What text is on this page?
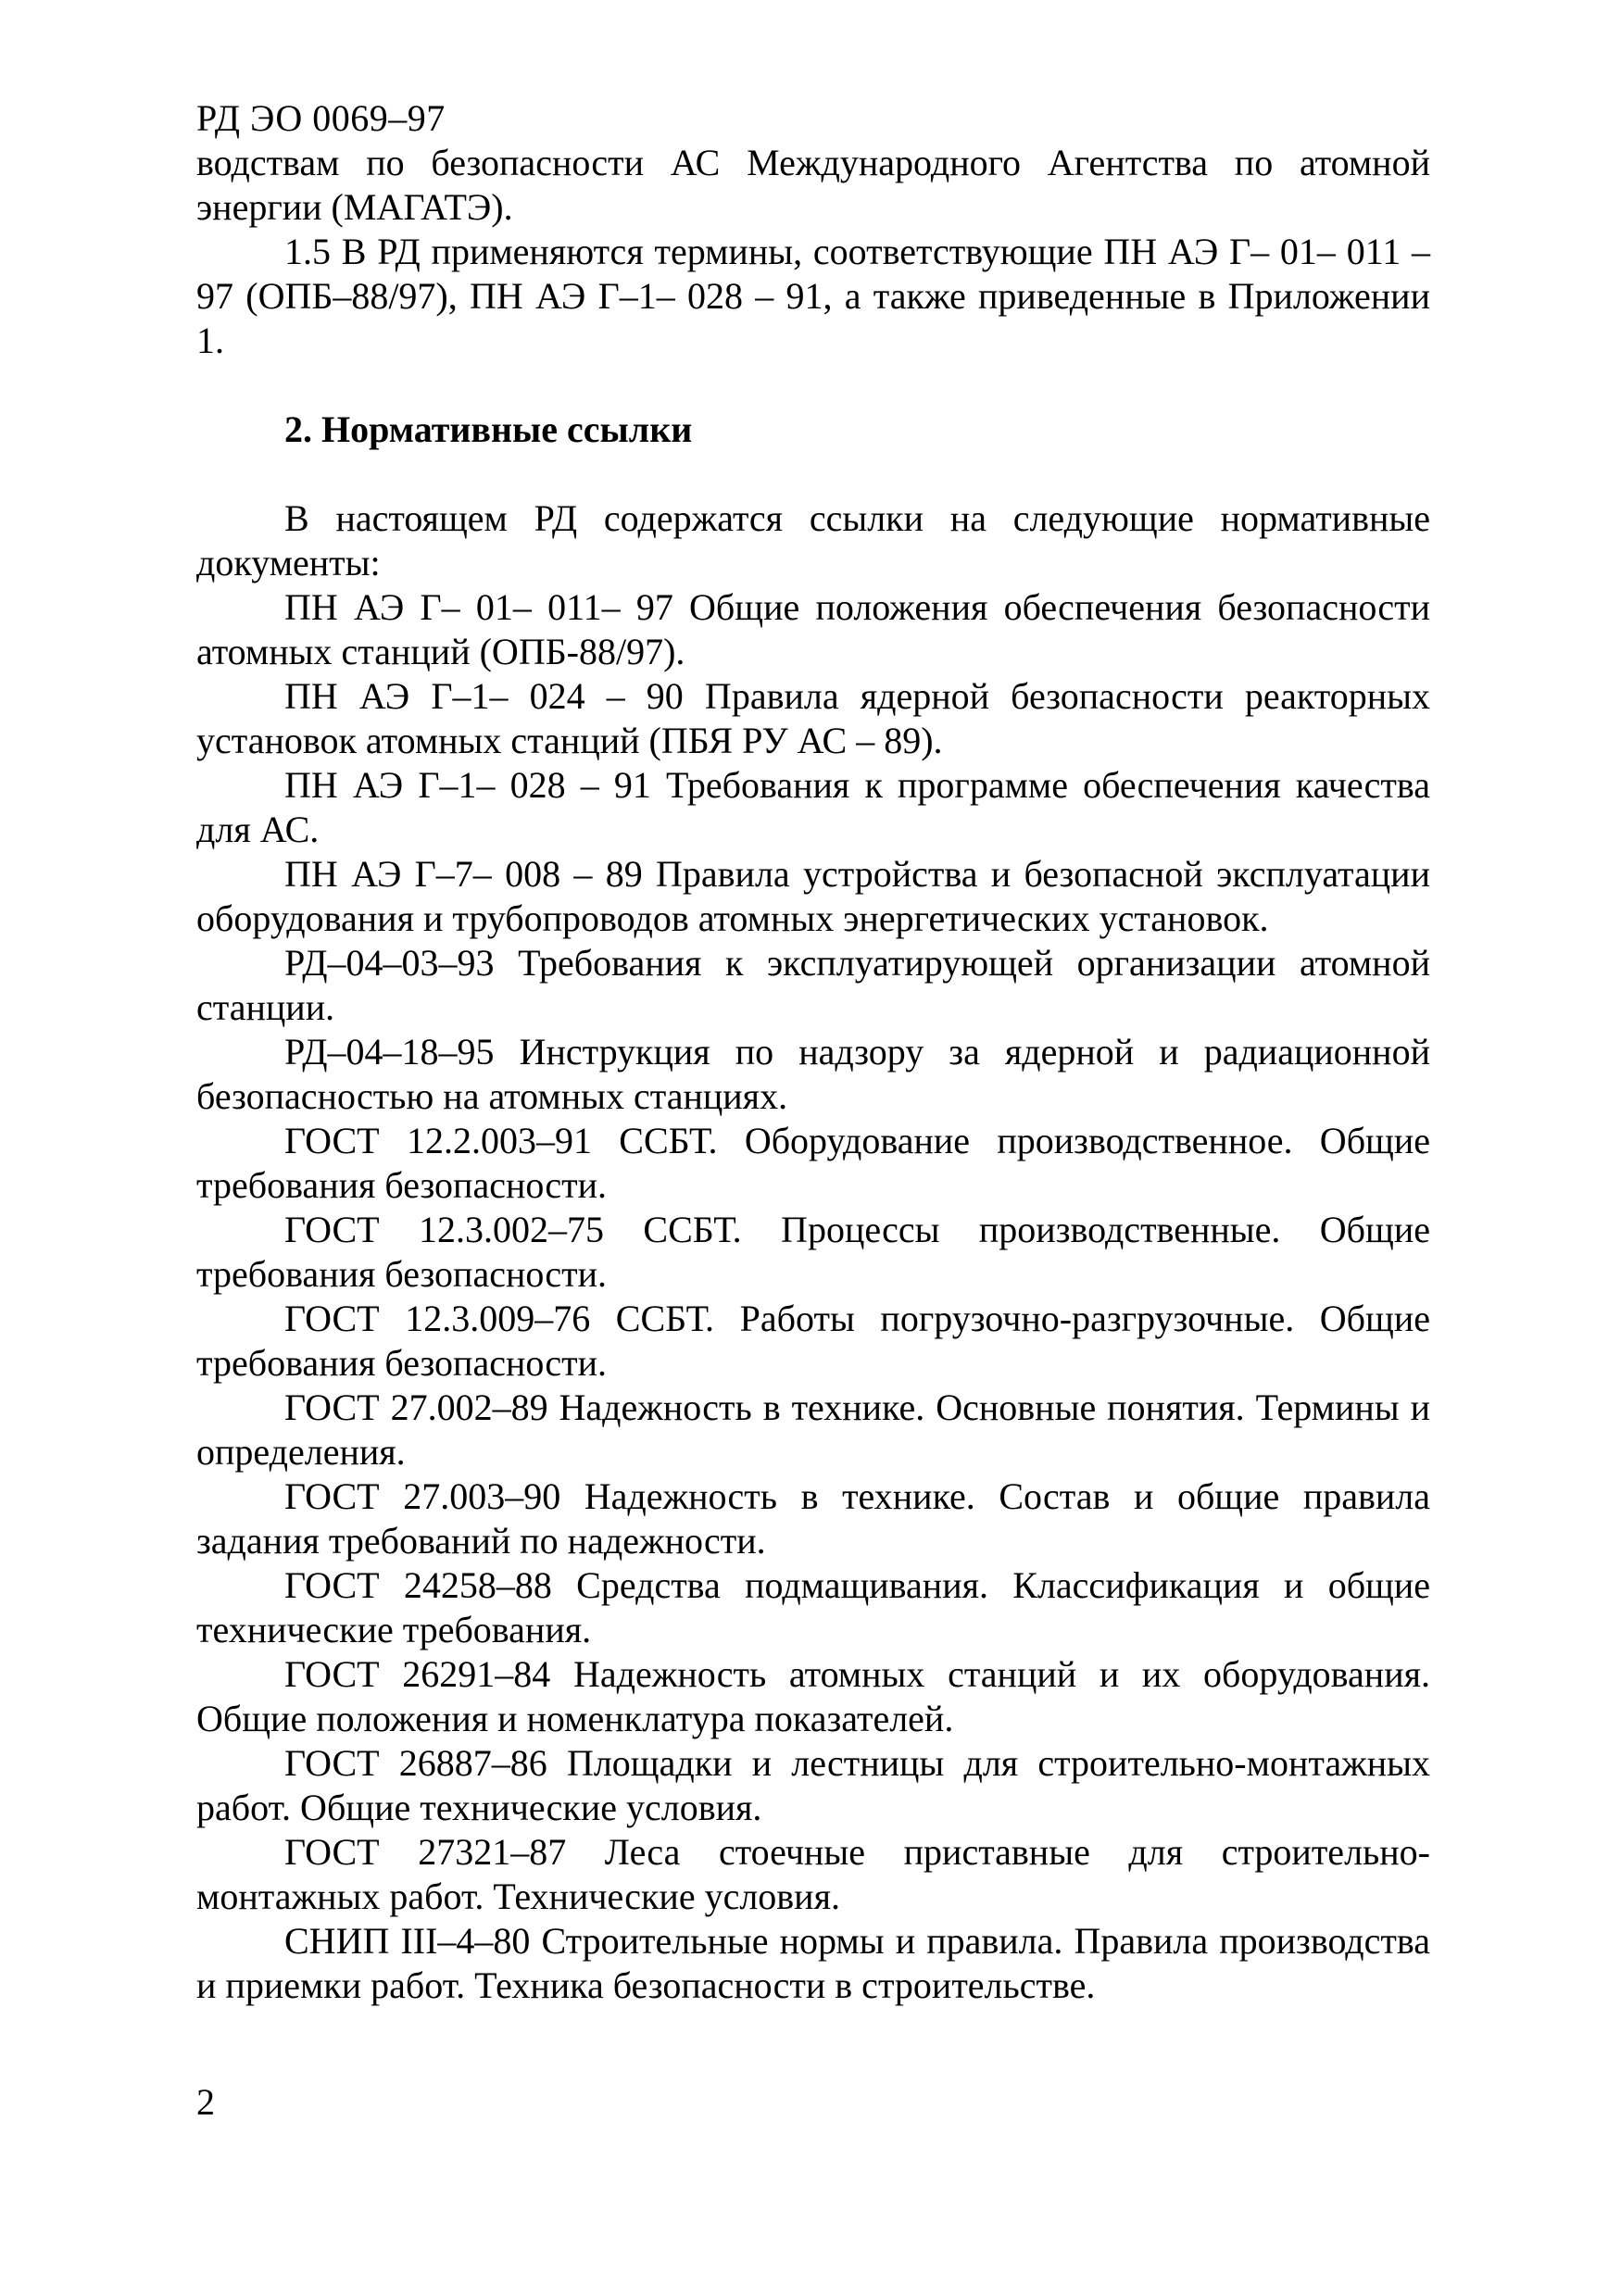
РД ЭО 0069–97

водствам по безопасности АС Международного Агентства по атомной энергии (МАГАТЭ).

1.5 В РД применяются термины, соответствующие ПН АЭ Г– 01– 011 – 97 (ОПБ–88/97), ПН АЭ Г–1– 028 – 91, а также приведенные в Приложении 1.

2. Нормативные ссылки

В настоящем РД содержатся ссылки на следующие нормативные документы:

ПН АЭ Г– 01– 011– 97 Общие положения обеспечения безопасности атомных станций (ОПБ-88/97).

ПН АЭ Г–1– 024 – 90 Правила ядерной безопасности реакторных установок атомных станций (ПБЯ РУ АС – 89).

ПН АЭ Г–1– 028 – 91 Требования к программе обеспечения качества для АС.

ПН АЭ Г–7– 008 – 89 Правила устройства и безопасной эксплуатации оборудования и трубопроводов атомных энергетических установок.

РД–04–03–93 Требования к эксплуатирующей организации атомной станции.

РД–04–18–95 Инструкция по надзору за ядерной и радиационной безопасностью на атомных станциях.

ГОСТ 12.2.003–91 ССБТ. Оборудование производственное. Общие требования безопасности.

ГОСТ 12.3.002–75 ССБТ. Процессы производственные. Общие требования безопасности.

ГОСТ 12.3.009–76 ССБТ. Работы погрузочно-разгрузочные. Общие требования безопасности.

ГОСТ 27.002–89 Надежность в технике. Основные понятия. Термины и определения.

ГОСТ 27.003–90 Надежность в технике. Состав и общие правила задания требований по надежности.

ГОСТ 24258–88 Средства подмащивания. Классификация и общие технические требования.

ГОСТ 26291–84 Надежность атомных станций и их оборудования. Общие положения и номенклатура показателей.

ГОСТ 26887–86 Площадки и лестницы для строительно-монтажных работ. Общие технические условия.

ГОСТ 27321–87 Леса стоечные приставные для строительно-монтажных работ. Технические условия.

СНИП III–4–80 Строительные нормы и правила. Правила производства и приемки работ. Техника безопасности в строительстве.

2
